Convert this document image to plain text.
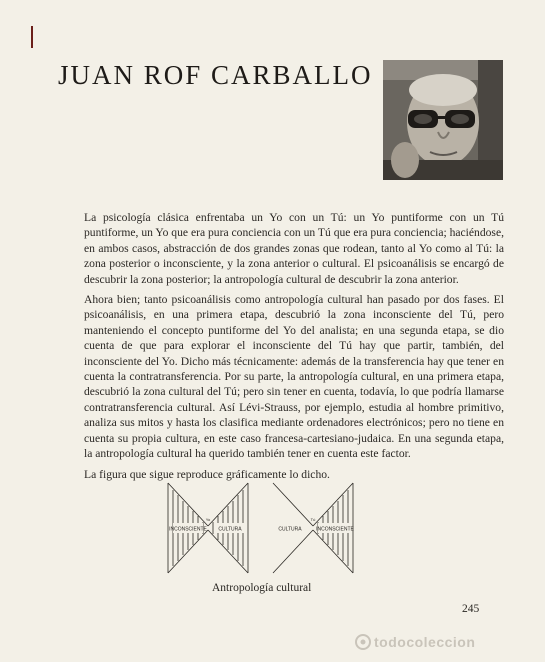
JUAN ROF CARBALLO

La psicología clásica enfrentaba un Yo con un Tú: un Yo puntiforme con un Tú puntiforme, un Yo que era pura conciencia con un Tú que era pura conciencia; haciéndose, en ambos casos, abstracción de dos grandes zonas que rodean, tanto al Yo como al Tú: la zona posterior o inconsciente, y la zona anterior o cultural. El psicoanálisis se encargó de descubrir la zona posterior; la antropología cultural de descubrir la zona anterior.

Ahora bien; tanto psicoanálisis como antropología cultural han pasado por dos fases. El psicoanálisis, en una primera etapa, descubrió la zona inconsciente del Tú, pero manteniendo el concepto puntiforme del Yo del analista; en una segunda etapa, se dio cuenta de que para explorar el inconsciente del Tú hay que partir, también, del inconsciente del Yo. Dicho más técnicamente: además de la transferencia hay que tener en cuenta la contratransferencia. Por su parte, la antropología cultural, en una primera etapa, descubrió la zona cultural del Tú; pero sin tener en cuenta, todavía, lo que podría llamarse contratransferencia cultural. Así Lévi-Strauss, por ejemplo, estudia al hombre primitivo, analiza sus mitos y hasta los clasifica mediante ordenadores electrónicos; pero no tiene en cuenta su propia cultura, en este caso francesa-cartesiano-judaica. En una segunda etapa, la antropología cultural ha querido también tener en cuenta este factor.

La figura que sigue reproduce gráficamente lo dicho.

INCONSCIENTE CULTURA
Yo
CULTURA	INCONSCIENTE
Tú
Antropología cultural
245
todocoleccion
